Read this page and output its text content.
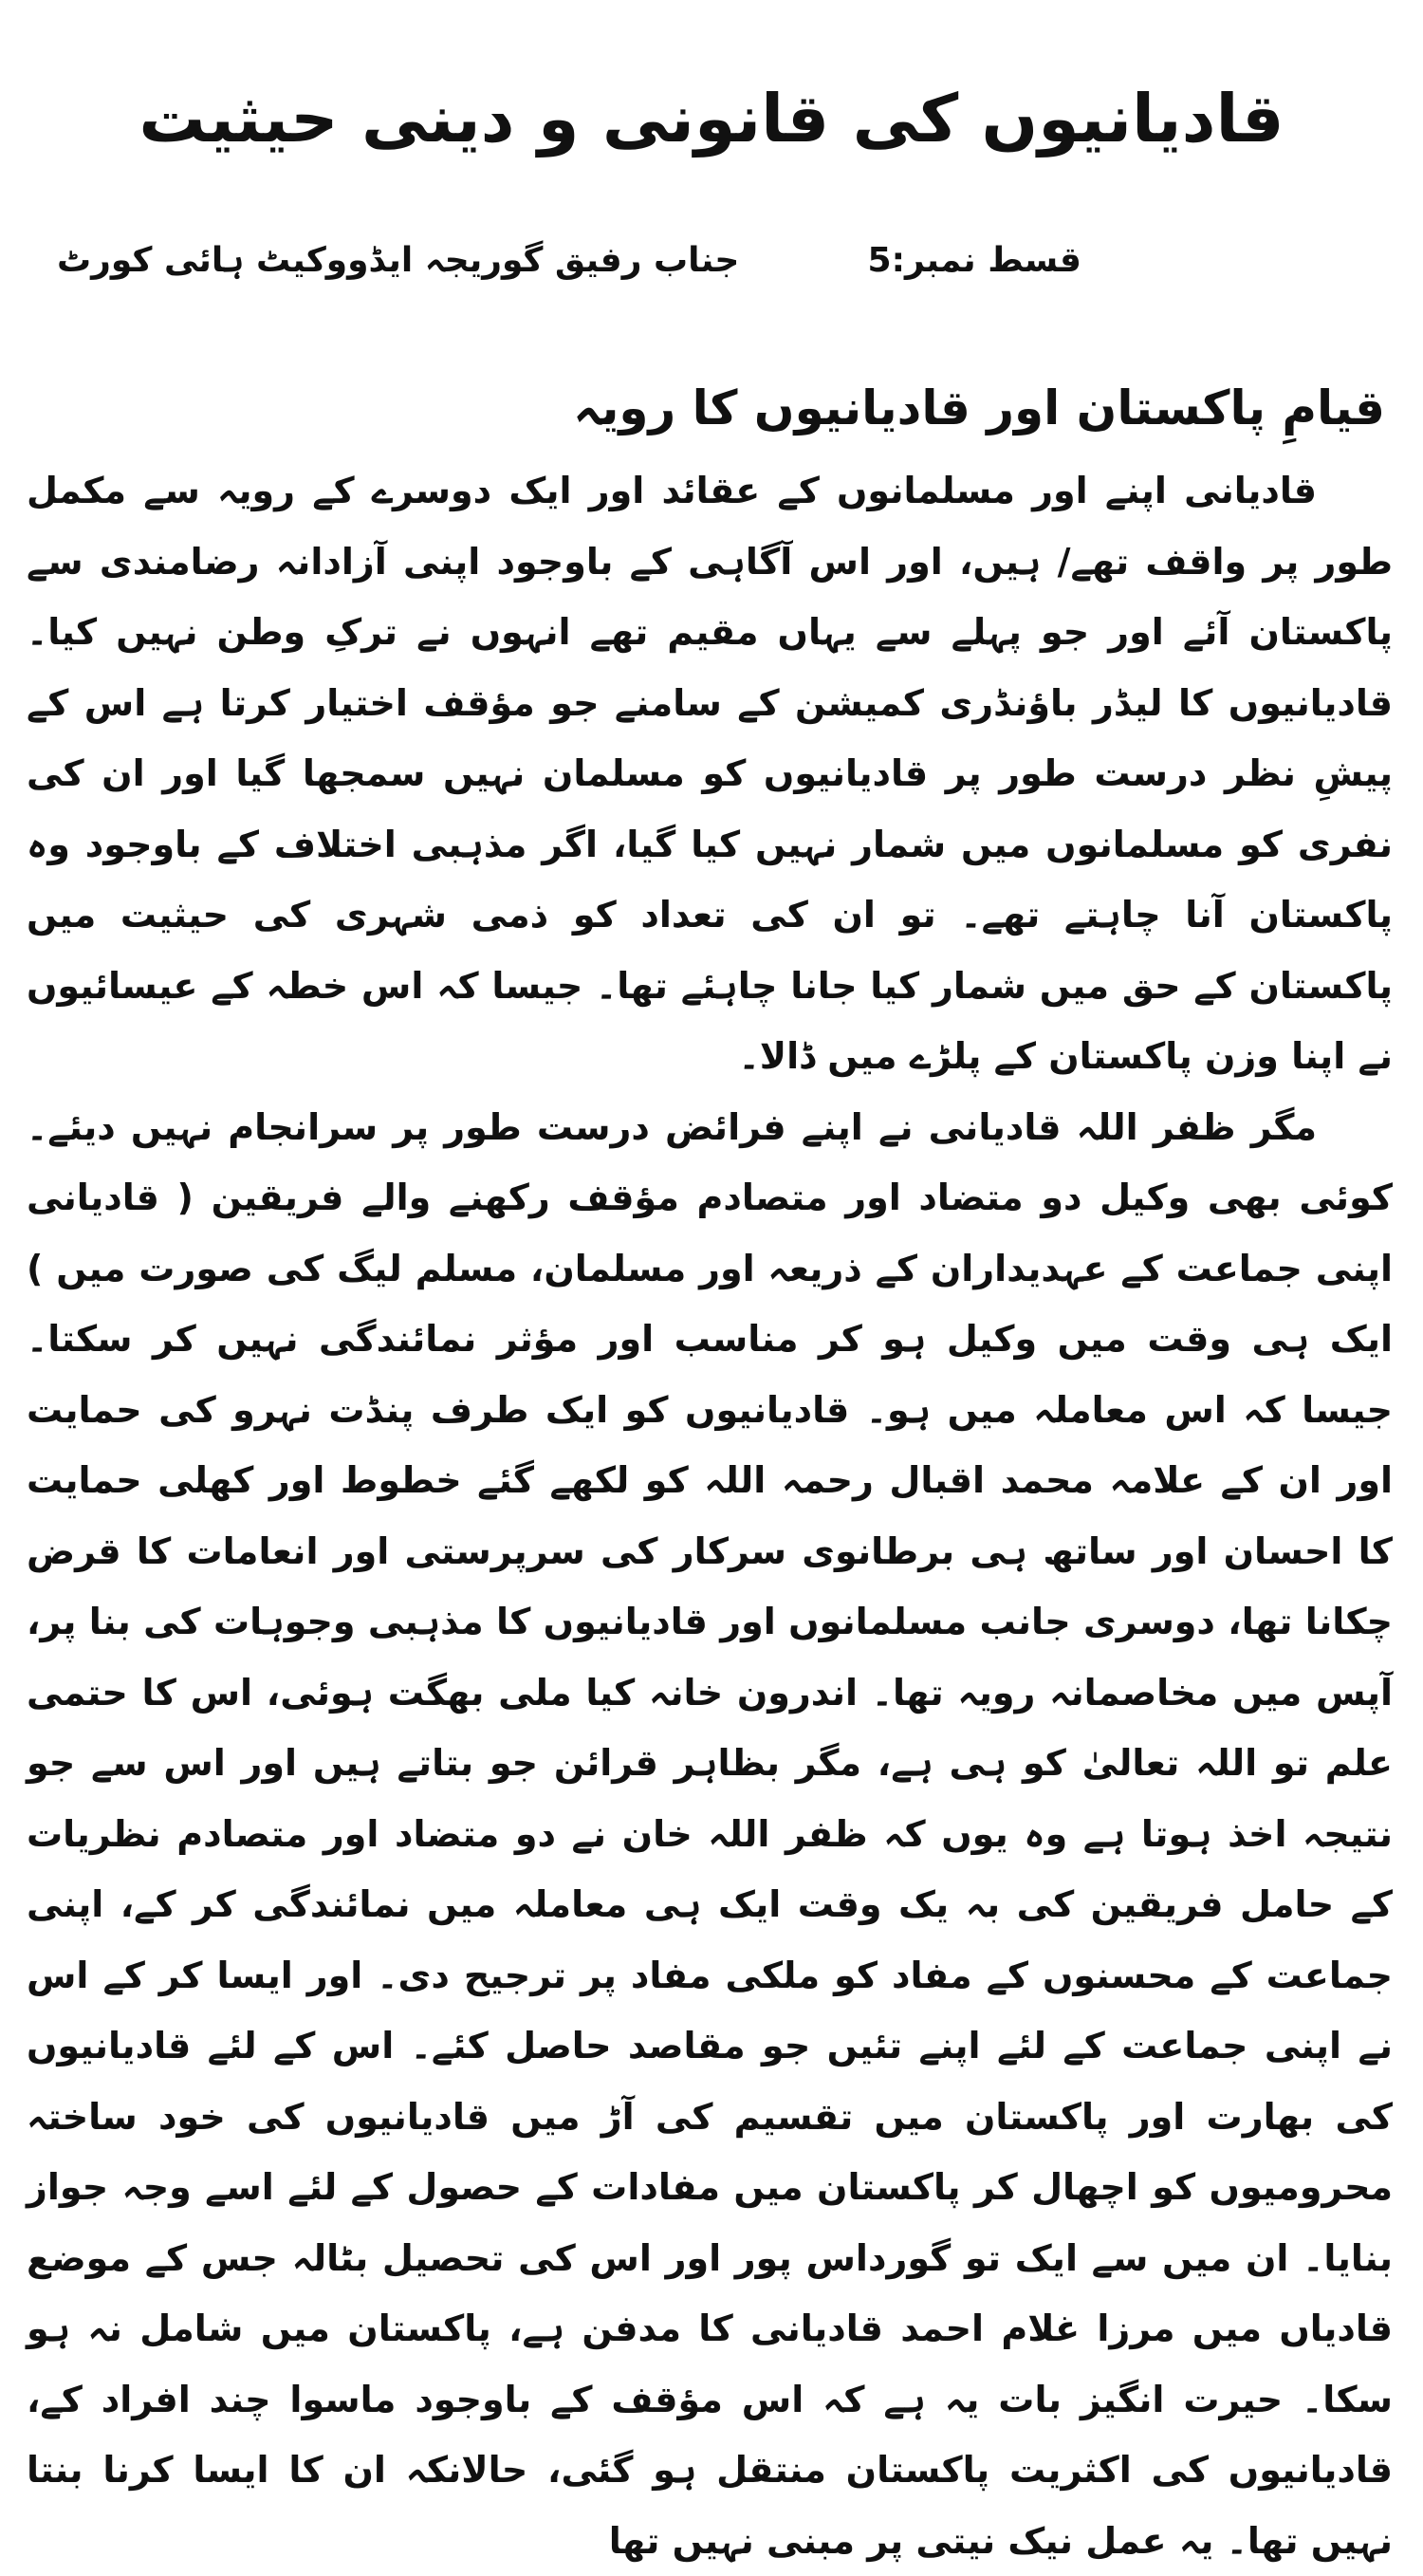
قادیانیوں کی قانونی و دینی حیثیت
قسط نمبر:5
جناب رفیق گوریجہ ایڈووکیٹ ہائی کورٹ
قیامِ پاکستان اور قادیانیوں کا رویہ

قادیانی اپنے اور مسلمانوں کے عقائد اور ایک دوسرے کے رویہ سے مکمل طور پر واقف تھے/ ہیں، اور اس آگاہی کے باوجود اپنی آزادانہ رضامندی سے پاکستان آئے اور جو پہلے سے یہاں مقیم تھے انہوں نے ترکِ وطن نہیں کیا۔ قادیانیوں کا لیڈر باؤنڈری کمیشن کے سامنے جو مؤقف اختیار کرتا ہے اس کے پیشِ نظر درست طور پر قادیانیوں کو مسلمان نہیں سمجھا گیا اور ان کی نفری کو مسلمانوں میں شمار نہیں کیا گیا، اگر مذہبی اختلاف کے باوجود وہ پاکستان آنا چاہتے تھے۔ تو ان کی تعداد کو ذمی شہری کی حیثیت میں پاکستان کے حق میں شمار کیا جانا چاہئے تھا۔ جیسا کہ اس خطہ کے عیسائیوں نے اپنا وزن پاکستان کے پلڑے میں ڈالا۔

مگر ظفر اللہ قادیانی نے اپنے فرائض درست طور پر سرانجام نہیں دیئے۔ کوئی بھی وکیل دو متضاد اور متصادم مؤقف رکھنے والے فریقین ( قادیانی اپنی جماعت کے عہدیداران کے ذریعہ اور مسلمان، مسلم لیگ کی صورت میں ) ایک ہی وقت میں وکیل ہو کر مناسب اور مؤثر نمائندگی نہیں کر سکتا۔ جیسا کہ اس معاملہ میں ہو۔ قادیانیوں کو ایک طرف پنڈت نہرو کی حمایت اور ان کے علامہ محمد اقبال رحمہ اللہ کو لکھے گئے خطوط اور کھلی حمایت کا احسان اور ساتھ ہی برطانوی سرکار کی سرپرستی اور انعامات کا قرض چکانا تھا، دوسری جانب مسلمانوں اور قادیانیوں کا مذہبی وجوہات کی بنا پر، آپس میں مخاصمانہ رویہ تھا۔ اندرون خانہ کیا ملی بھگت ہوئی، اس کا حتمی علم تو اللہ تعالیٰ کو ہی ہے، مگر بظاہر قرائن جو بتاتے ہیں اور اس سے جو نتیجہ اخذ ہوتا ہے وہ یوں کہ ظفر اللہ خان نے دو متضاد اور متصادم نظریات کے حامل فریقین کی بہ یک وقت ایک ہی معاملہ میں نمائندگی کر کے، اپنی جماعت کے محسنوں کے مفاد کو ملکی مفاد پر ترجیح دی۔ اور ایسا کر کے اس نے اپنی جماعت کے لئے اپنے تئیں جو مقاصد حاصل کئے۔ اس کے لئے قادیانیوں کی بھارت اور پاکستان میں تقسیم کی آڑ میں قادیانیوں کی خود ساختہ محرومیوں کو اچھال کر پاکستان میں مفادات کے حصول کے لئے اسے وجہ جواز بنایا۔ ان میں سے ایک تو گورداس پور اور اس کی تحصیل بٹالہ جس کے موضع قادیاں میں مرزا غلام احمد قادیانی کا مدفن ہے، پاکستان میں شامل نہ ہو سکا۔ حیرت انگیز بات یہ ہے کہ اس مؤقف کے باوجود ماسوا چند افراد کے، قادیانیوں کی اکثریت پاکستان منتقل ہو گئی، حالانکہ ان کا ایسا کرنا بنتا نہیں تھا۔ یہ عمل نیک نیتی پر مبنی نہیں تھا
